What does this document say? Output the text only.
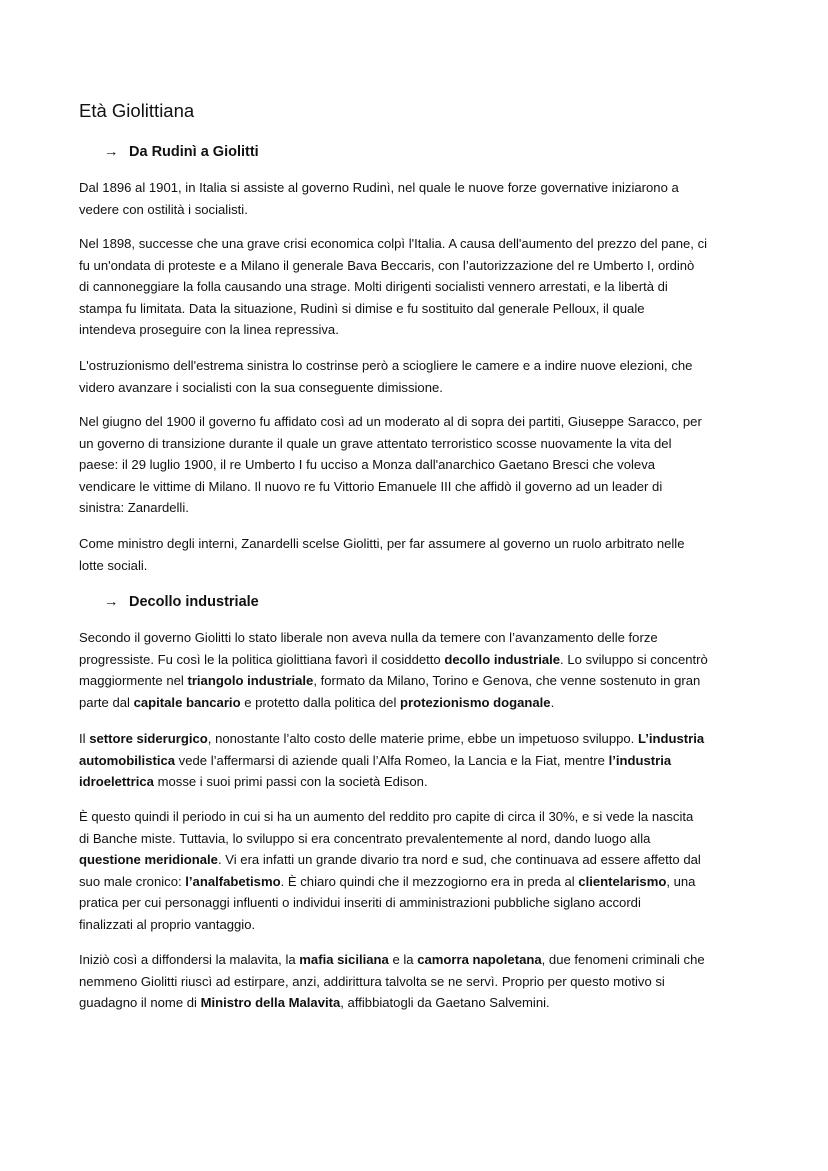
Età Giolittiana
→ Da Rudinì a Giolitti

Dal 1896 al 1901, in Italia si assiste al governo Rudinì, nel quale le nuove forze governative iniziarono a
vedere con ostilità i socialisti.

Nel 1898, successe che una grave crisi economica colpì l'Italia. A causa dell'aumento del prezzo del pane, ci
fu un'ondata di proteste e a Milano il generale Bava Beccaris, con l’autorizzazione del re Umberto I, ordinò
di cannoneggiare la folla causando una strage. Molti dirigenti socialisti vennero arrestati, e la libertà di
stampa fu limitata. Data la situazione, Rudinì si dimise e fu sostituito dal generale Pelloux, il quale
intendeva proseguire con la linea repressiva.

L'ostruzionismo dell'estrema sinistra lo costrinse però a sciogliere le camere e a indire nuove elezioni, che
videro avanzare i socialisti con la sua conseguente dimissione.

Nel giugno del 1900 il governo fu affidato così ad un moderato al di sopra dei partiti, Giuseppe Saracco, per
un governo di transizione durante il quale un grave attentato terroristico scosse nuovamente la vita del
paese: il 29 luglio 1900, il re Umberto I fu ucciso a Monza dall'anarchico Gaetano Bresci che voleva
vendicare le vittime di Milano. Il nuovo re fu Vittorio Emanuele III che affidò il governo ad un leader di
sinistra: Zanardelli.

Come ministro degli interni, Zanardelli scelse Giolitti, per far assumere al governo un ruolo arbitrato nelle
lotte sociali.

→ Decollo industriale

Secondo il governo Giolitti lo stato liberale non aveva nulla da temere con l’avanzamento delle forze
progressiste. Fu così le la politica giolittiana favorì il cosiddetto decollo industriale. Lo sviluppo si concentrò
maggiormente nel triangolo industriale, formato da Milano, Torino e Genova, che venne sostenuto in gran
parte dal capitale bancario e protetto dalla politica del protezionismo doganale.

Il settore siderurgico, nonostante l’alto costo delle materie prime, ebbe un impetuoso sviluppo. L’industria
automobilistica vede l’affermarsi di aziende quali l’Alfa Romeo, la Lancia e la Fiat, mentre l’industria
idroelettrica mosse i suoi primi passi con la società Edison.

È questo quindi il periodo in cui si ha un aumento del reddito pro capite di circa il 30%, e si vede la nascita
di Banche miste. Tuttavia, lo sviluppo si era concentrato prevalentemente al nord, dando luogo alla
questione meridionale. Vi era infatti un grande divario tra nord e sud, che continuava ad essere affetto dal
suo male cronico: l’analfabetismo. È chiaro quindi che il mezzogiorno era in preda al clientelarismo, una
pratica per cui personaggi influenti o individui inseriti di amministrazioni pubbliche siglano accordi
finalizzati al proprio vantaggio.

Iniziò così a diffondersi la malavita, la mafia siciliana e la camorra napoletana, due fenomeni criminali che
nemmeno Giolitti riuscì ad estirpare, anzi, addirittura talvolta se ne servì. Proprio per questo motivo si
guadagno il nome di Ministro della Malavita, affibbiatogli da Gaetano Salvemini.
